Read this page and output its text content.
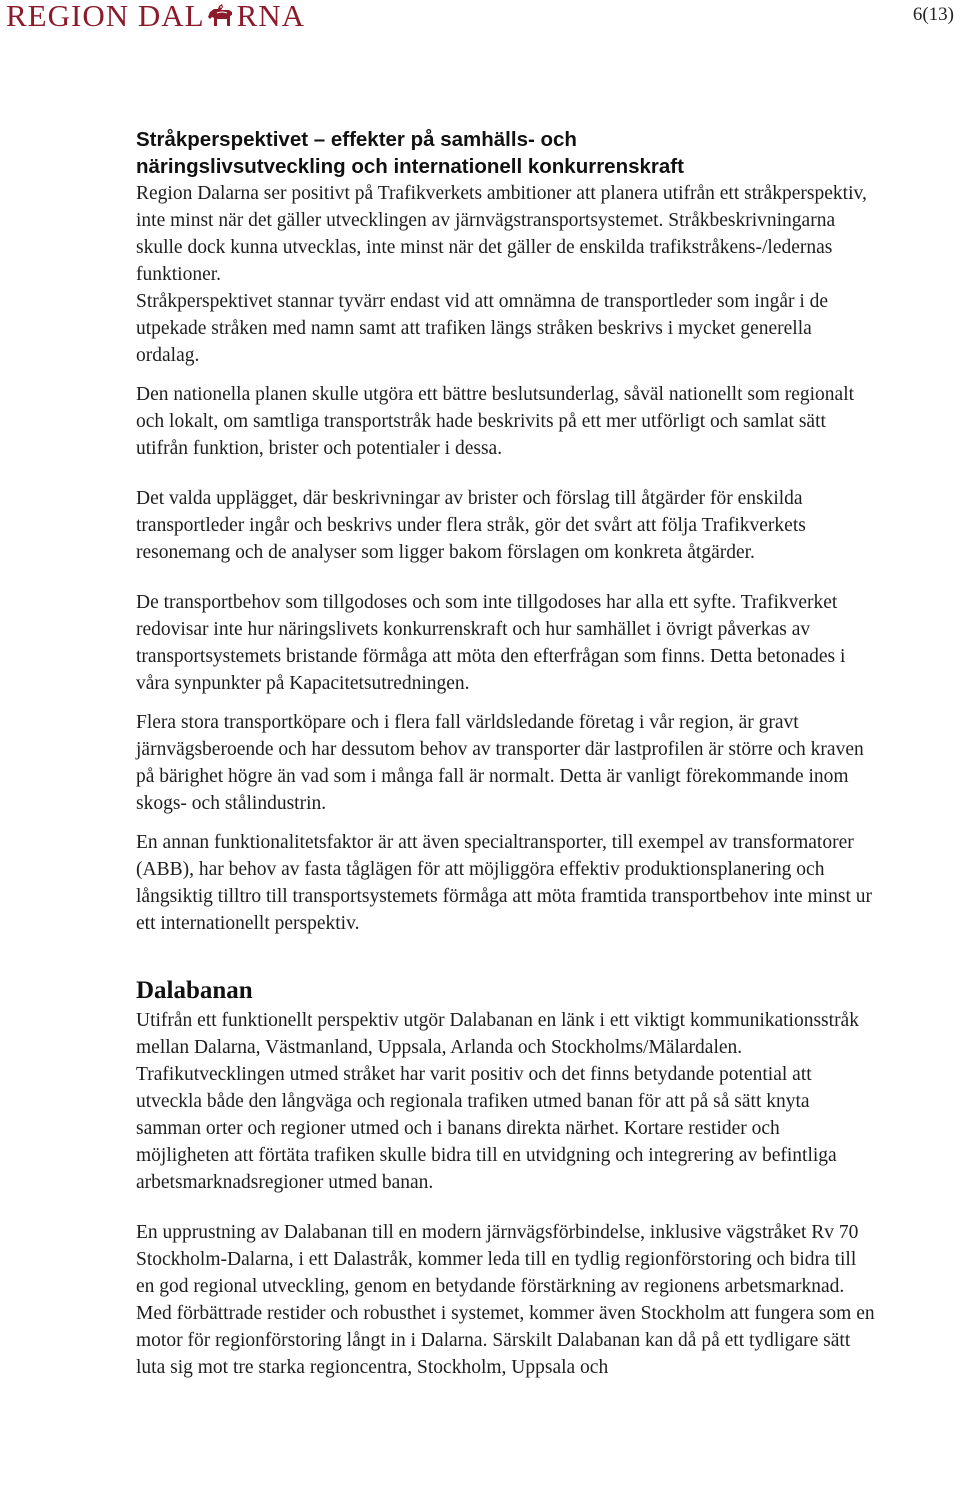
REGION DAL RNA	6(13)

Stråkperspektivet – effekter på samhälls- och

näringslivsutveckling och internationell konkurrenskraft

Region Dalarna ser positivt på Trafikverkets ambitioner att planera utifrån ett stråkperspektiv, inte minst när det gäller utvecklingen av järnvägstransportsystemet. Stråkbeskrivningarna skulle dock kunna utvecklas, inte minst när det gäller de enskilda trafikstråkens-/ledernas funktioner.

Stråkperspektivet stannar tyvärr endast vid att omnämna de transportleder som ingår i de utpekade stråken med namn samt att trafiken längs stråken beskrivs i mycket generella ordalag.

Den nationella planen skulle utgöra ett bättre beslutsunderlag, såväl nationellt som regionalt och lokalt, om samtliga transportstråk hade beskrivits på ett mer utförligt och samlat sätt utifrån funktion, brister och potentialer i dessa.

Det valda upplägget, där beskrivningar av brister och förslag till åtgärder för enskilda transportleder ingår och beskrivs under flera stråk, gör det svårt att följa Trafikverkets resonemang och de analyser som ligger bakom förslagen om konkreta åtgärder.

De transportbehov som tillgodoses och som inte tillgodoses har alla ett syfte. Trafikverket redovisar inte hur näringslivets konkurrenskraft och hur samhället i övrigt påverkas av transportsystemets bristande förmåga att möta den efterfrågan som finns. Detta betonades i våra synpunkter på Kapacitetsutredningen.

Flera stora transportköpare och i flera fall världsledande företag i vår region, är gravt järnvägsberoende och har dessutom behov av transporter där lastprofilen är större och kraven på bärighet högre än vad som i många fall är normalt. Detta är vanligt förekommande inom skogs- och stålindustrin.

En annan funktionalitetsfaktor är att även specialtransporter, till exempel av transformatorer (ABB), har behov av fasta tåglägen för att möjliggöra effektiv produktionsplanering och långsiktig tilltro till transportsystemets förmåga att möta framtida transportbehov inte minst ur ett internationellt perspektiv.

Dalabanan

Utifrån ett funktionellt perspektiv utgör Dalabanan en länk i ett viktigt kommunikationsstråk mellan Dalarna, Västmanland, Uppsala, Arlanda och Stockholms/Mälardalen. Trafikutvecklingen utmed stråket har varit positiv och det finns betydande potential att utveckla både den långväga och regionala trafiken utmed banan för att på så sätt knyta samman orter och regioner utmed och i banans direkta närhet. Kortare restider och möjligheten att förtäta trafiken skulle bidra till en utvidgning och integrering av befintliga arbetsmarknadsregioner utmed banan.

En upprustning av Dalabanan till en modern järnvägsförbindelse, inklusive vägstråket Rv 70 Stockholm-Dalarna, i ett Dalastråk, kommer leda till en tydlig regionförstoring och bidra till en god regional utveckling, genom en betydande förstärkning av regionens arbetsmarknad. Med förbättrade restider och robusthet i systemet, kommer även Stockholm att fungera som en motor för regionförstoring långt in i Dalarna. Särskilt Dalabanan kan då på ett tydligare sätt luta sig mot tre starka regioncentra, Stockholm, Uppsala och
